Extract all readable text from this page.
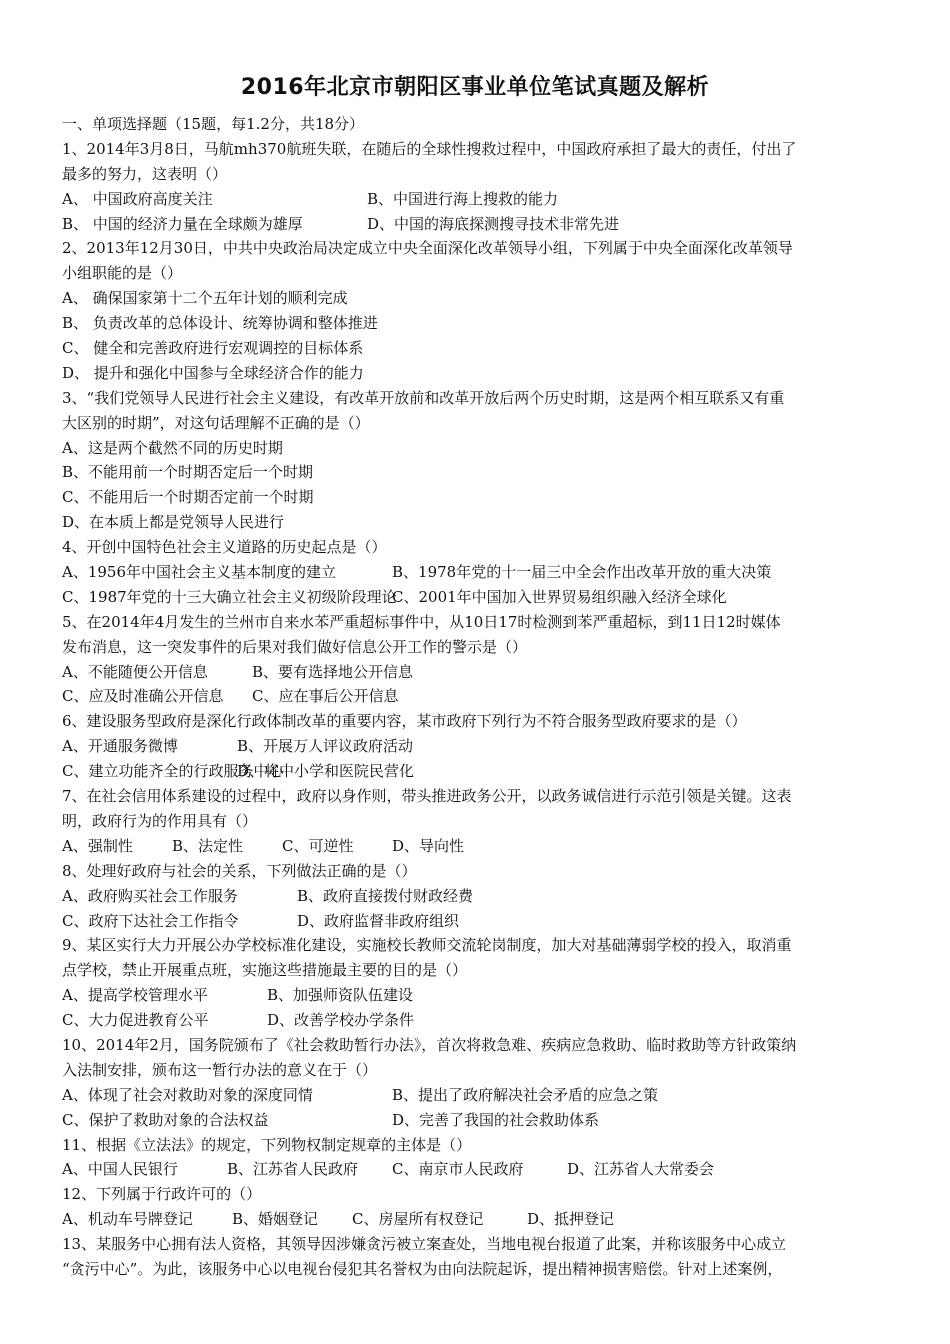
2016年北京市朝阳区事业单位笔试真题及解析
一、单项选择题（15题，每1.2分，共18分）
1、2014年3月8日，马航mh370航班失联，在随后的全球性搜救过程中，中国政府承担了最大的责任，付出了
最多的努力，这表明（）
A、 中国政府高度关注	B、中国进行海上搜救的能力
B、 中国的经济力量在全球颇为雄厚	D、中国的海底探测搜寻技术非常先进
2、2013年12月30日，中共中央政治局决定成立中央全面深化改革领导小组，下列属于中央全面深化改革领导
小组职能的是（）
A、 确保国家第十二个五年计划的顺利完成
B、 负责改革的总体设计、统筹协调和整体推进
C、 健全和完善政府进行宏观调控的目标体系
D、 提升和强化中国参与全球经济合作的能力
3、“我们党领导人民进行社会主义建设，有改革开放前和改革开放后两个历史时期，这是两个相互联系又有重
大区别的时期”，对这句话理解不正确的是（）
A、这是两个截然不同的历史时期
B、不能用前一个时期否定后一个时期
C、不能用后一个时期否定前一个时期
D、在本质上都是党领导人民进行
4、开创中国特色社会主义道路的历史起点是（）
A、1956年中国社会主义基本制度的建立	B、1978年党的十一届三中全会作出改革开放的重大决策
C、1987年党的十三大确立社会主义初级阶段理论C、2001年中国加入世界贸易组织融入经济全球化
5、在2014年4月发生的兰州市自来水苯严重超标事件中，从10日17时检测到苯严重超标，到11日12时媒体
发布消息，这一突发事件的后果对我们做好信息公开工作的警示是（）
A、不能随便公开信息	B、要有选择地公开信息
C、应及时准确公开信息 C、应在事后公开信息
6、建设服务型政府是深化行政体制改革的重要内容，某市政府下列行为不符合服务型政府要求的是（）
A、开通服务微博	B、开展万人评议政府活动
C、建立功能齐全的行政服务中心D、将中小学和医院民营化
7、在社会信用体系建设的过程中，政府以身作则，带头推进政务公开，以政务诚信进行示范引领是关键。这表
明，政府行为的作用具有（）
A、强制性	B、法定性	C、可逆性	D、导向性
8、处理好政府与社会的关系，下列做法正确的是（）
A、政府购买社会工作服务	B、政府直接拨付财政经费
C、政府下达社会工作指令	D、政府监督非政府组织
9、某区实行大力开展公办学校标准化建设，实施校长教师交流轮岗制度，加大对基础薄弱学校的投入，取消重
点学校，禁止开展重点班，实施这些措施最主要的目的是（）
A、提高学校管理水平	B、加强师资队伍建设
C、大力促进教育公平	D、改善学校办学条件
10、2014年2月，国务院颁布了《社会救助暂行办法》，首次将救急难、疾病应急救助、临时救助等方针政策纳
入法制安排，颁布这一暂行办法的意义在于（）
A、体现了社会对救助对象的深度同情	B、提出了政府解决社会矛盾的应急之策
C、保护了救助对象的合法权益	D、完善了我国的社会救助体系
11、根据《立法法》的规定，下列物权制定规章的主体是（）
A、中国人民银行	B、江苏省人民政府 C、南京市人民政府	D、江苏省人大常委会
12、下列属于行政许可的（）
A、机动车号牌登记	B、婚姻登记 C、房屋所有权登记	D、抵押登记
13、某服务中心拥有法人资格，其领导因涉嫌贪污被立案查处，当地电视台报道了此案，并称该服务中心成立
“贪污中心”。为此，该服务中心以电视台侵犯其名誉权为由向法院起诉，提出精神损害赔偿。针对上述案例，
